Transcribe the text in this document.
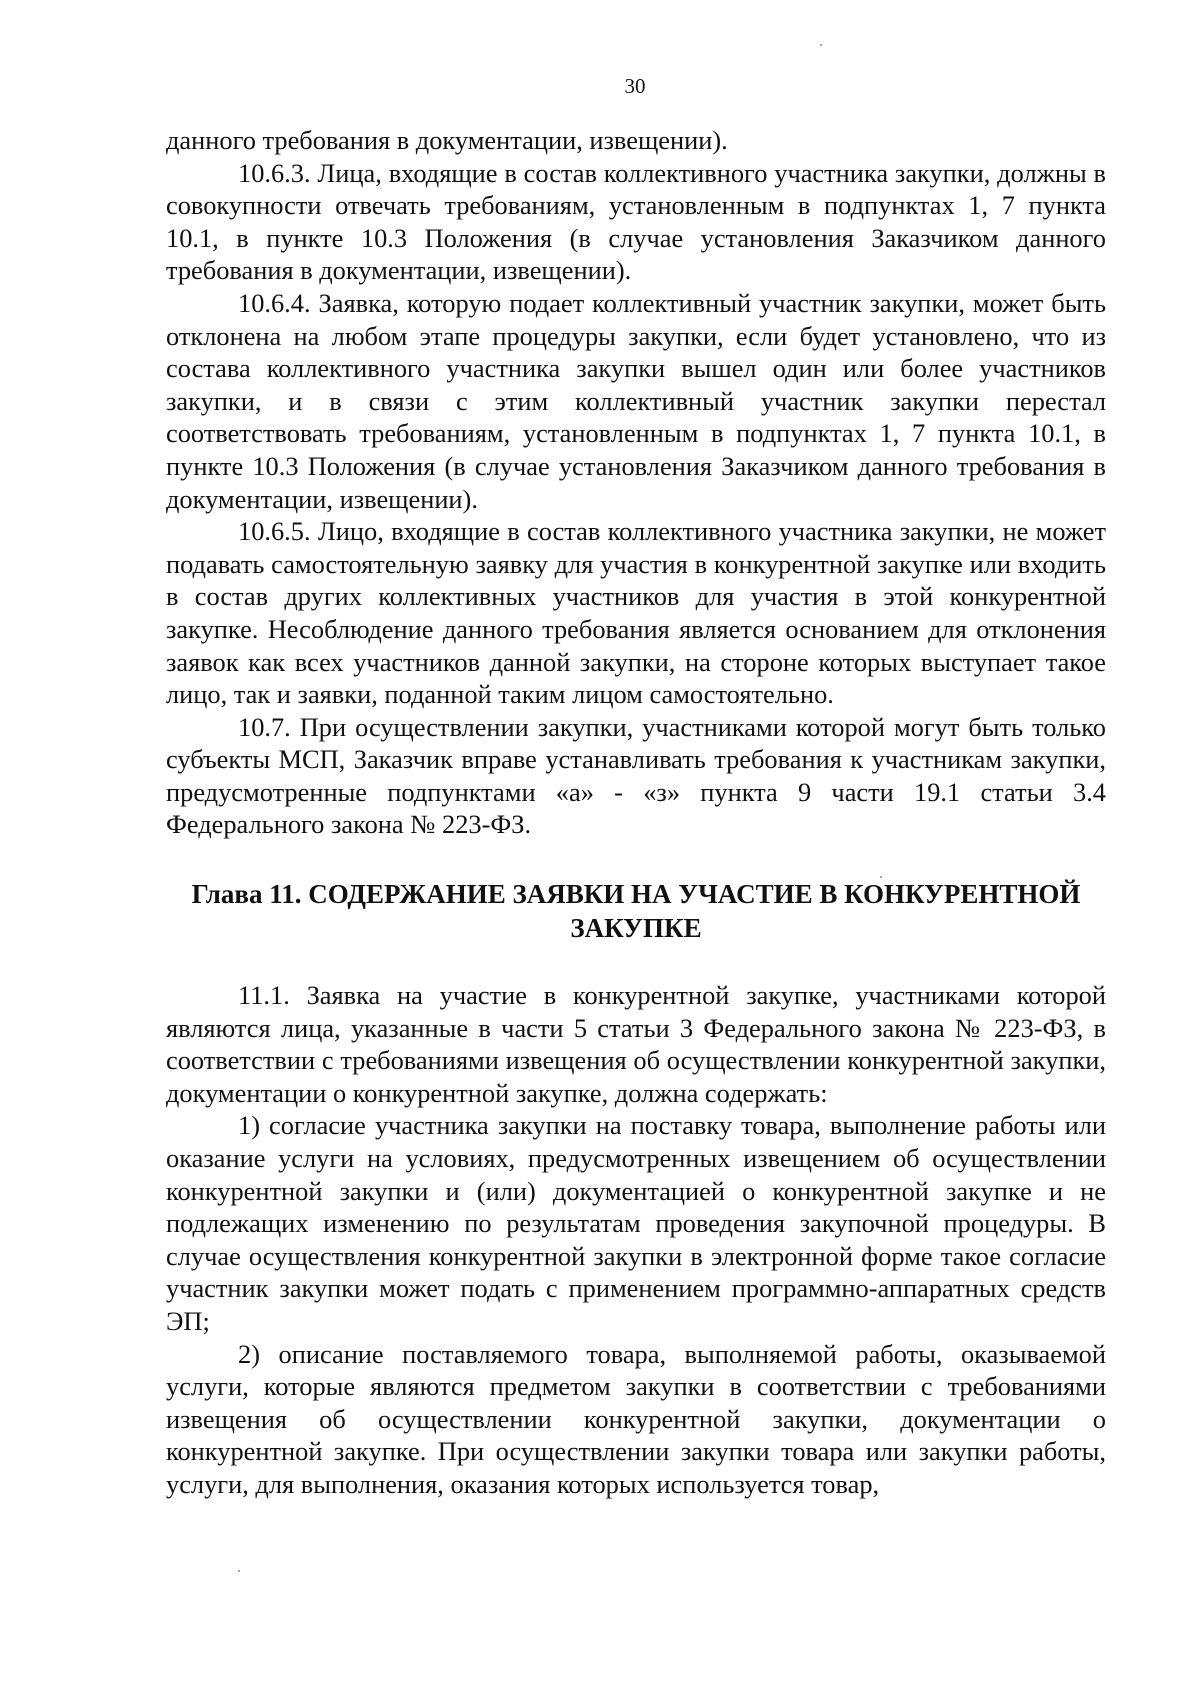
30

данного требования в документации, извещении).

10.6.3. Лица, входящие в состав коллективного участника закупки, должны в совокупности отвечать требованиям, установленным в подпунктах 1, 7 пункта 10.1, в пункте 10.3 Положения (в случае установления Заказчиком данного требования в документации, извещении).

10.6.4. Заявка, которую подает коллективный участник закупки, может быть отклонена на любом этапе процедуры закупки, если будет установлено, что из состава коллективного участника закупки вышел один или более участников закупки, и в связи с этим коллективный участник закупки перестал соответствовать требованиям, установленным в подпунктах 1, 7 пункта 10.1, в пункте 10.3 Положения (в случае установления Заказчиком данного требования в документации, извещении).

10.6.5. Лицо, входящие в состав коллективного участника закупки, не может подавать самостоятельную заявку для участия в конкурентной закупке или входить в состав других коллективных участников для участия в этой конкурентной закупке. Несоблюдение данного требования является основанием для отклонения заявок как всех участников данной закупки, на стороне которых выступает такое лицо, так и заявки, поданной таким лицом самостоятельно.

10.7. При осуществлении закупки, участниками которой могут быть только субъекты МСП, Заказчик вправе устанавливать требования к участникам закупки, предусмотренные подпунктами «а» - «з» пункта 9 части 19.1 статьи 3.4 Федерального закона № 223-ФЗ.

Глава 11. СОДЕРЖАНИЕ ЗАЯВКИ НА УЧАСТИЕ В КОНКУРЕНТНОЙ
ЗАКУПКЕ

11.1. Заявка на участие в конкурентной закупке, участниками которой являются лица, указанные в части 5 статьи 3 Федерального закона № 223-ФЗ, в соответствии с требованиями извещения об осуществлении конкурентной закупки, документации о конкурентной закупке, должна содержать:

1) согласие участника закупки на поставку товара, выполнение работы или оказание услуги на условиях, предусмотренных извещением об осуществлении конкурентной закупки и (или) документацией о конкурентной закупке и не подлежащих изменению по результатам проведения закупочной процедуры. В случае осуществления конкурентной закупки в электронной форме такое согласие участник закупки может подать с применением программно-аппаратных средств ЭП;

2) описание поставляемого товара, выполняемой работы, оказываемой услуги, которые являются предметом закупки в соответствии с требованиями извещения об осуществлении конкурентной закупки, документации о конкурентной закупке. При осуществлении закупки товара или закупки работы, услуги, для выполнения, оказания которых используется товар,
